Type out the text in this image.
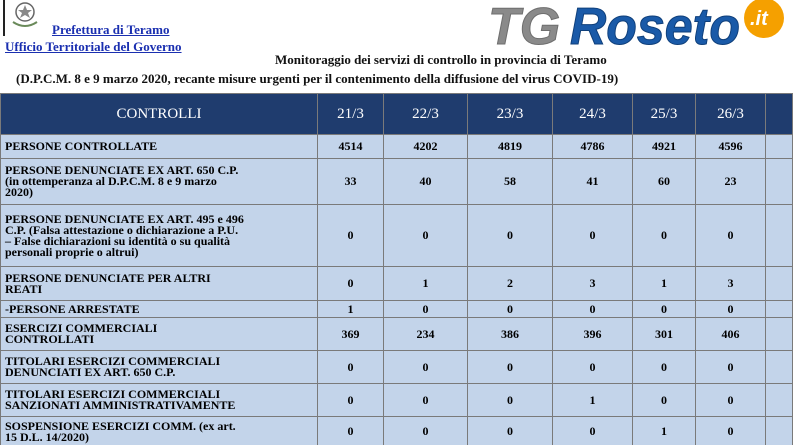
Prefettura di Teramo
Ufficio Territoriale del Governo	TG Roseto .it
Monitoraggio dei servizi di controllo in provincia di Teramo
(D.P.C.M. 8 e 9 marzo 2020, recante misure urgenti per il contenimento della diffusione del virus COVID-19)
CONTROLLI	21/3	22/3	23/3	24/3	25/3	26/3	

PERSONE CONTROLLATE	4514	4202	4819	4786	4921	4596	

PERSONE DENUNCIATE EX ART. 650 C.P.
(in ottemperanza al D.P.C.M. 8 e 9 marzo
2020)	33	40	58	41	60	23	

PERSONE DENUNCIATE EX ART. 495 e 496
C.P. (Falsa attestazione o dichiarazione a P.U.
– False dichiarazioni su identità o su qualità
personali proprie o altrui)	0	0	0	0	0	0	

PERSONE DENUNCIATE PER ALTRI
REATI	0	1	2	3	1	3	

-PERSONE ARRESTATE	1	0	0	0	0	0	

ESERCIZI COMMERCIALI
CONTROLLATI	369	234	386	396	301	406	

TITOLARI ESERCIZI COMMERCIALI
DENUNCIATI EX ART. 650 C.P.	0	0	0	0	0	0	

TITOLARI ESERCIZI COMMERCIALI
SANZIONATI AMMINISTRATIVAMENTE	0	0	0	1	0	0	

SOSPENSIONE ESERCIZI COMM. (ex art.
15 D.L. 14/2020)	0	0	0	0	1	0	
